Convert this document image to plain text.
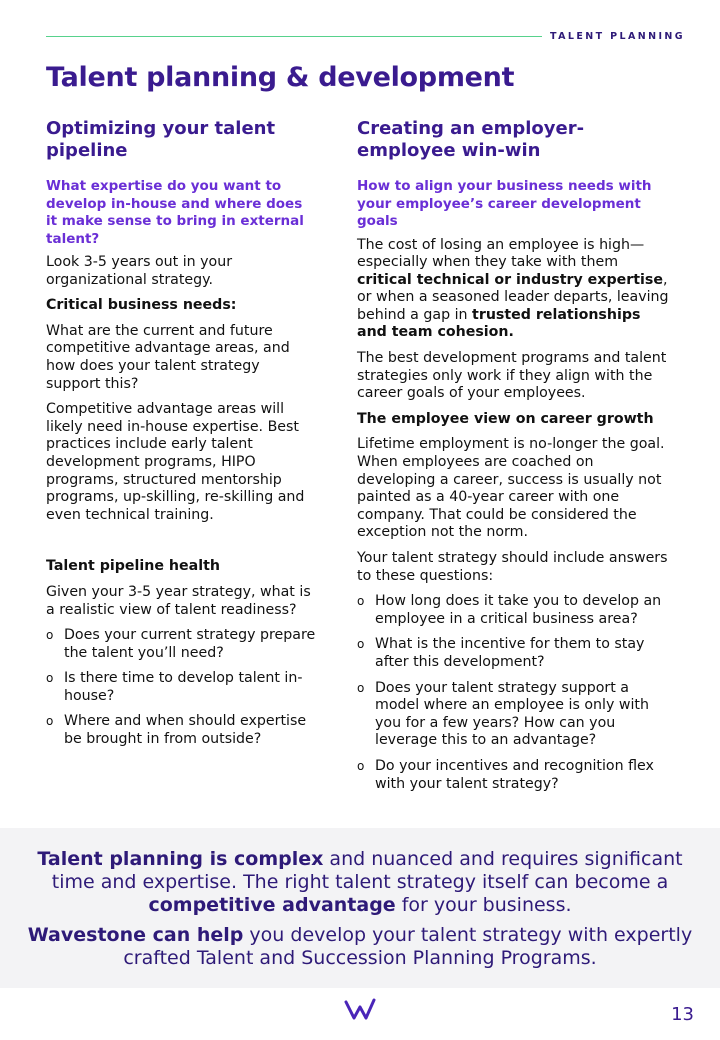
TALENT PLANNING
Talent planning & development
Optimizing your talent pipeline

What expertise do you want to develop in-house and where does it make sense to bring in external talent?

Look 3-5 years out in your organizational strategy.

Critical business needs:

What are the current and future competitive advantage areas, and how does your talent strategy support this?

Competitive advantage areas will likely need in-house expertise. Best practices include early talent development programs, HIPO programs, structured mentorship programs, up-skilling, re-skilling and even technical training.

Talent pipeline health

Given your 3-5 year strategy, what is a realistic view of talent readiness?

o Does your current strategy prepare the talent you’ll need?
o Is there time to develop talent in-house?
o Where and when should expertise be brought in from outside?
Creating an employer-employee win-win

How to align your business needs with your employee’s career development goals

The cost of losing an employee is high—especially when they take with them critical technical or industry expertise, or when a seasoned leader departs, leaving behind a gap in trusted relationships and team cohesion.

The best development programs and talent strategies only work if they align with the career goals of your employees.

The employee view on career growth

Lifetime employment is no-longer the goal. When employees are coached on developing a career, success is usually not painted as a 40-year career with one company. That could be considered the exception not the norm.

Your talent strategy should include answers to these questions:

o How long does it take you to develop an employee in a critical business area?
o What is the incentive for them to stay after this development?
o Does your talent strategy support a model where an employee is only with you for a few years? How can you leverage this to an advantage?
o Do your incentives and recognition flex with your talent strategy?

Talent planning is complex and nuanced and requires significant time and expertise. The right talent strategy itself can become a competitive advantage for your business.

Wavestone can help you develop your talent strategy with expertly crafted Talent and Succession Planning Programs.

13
